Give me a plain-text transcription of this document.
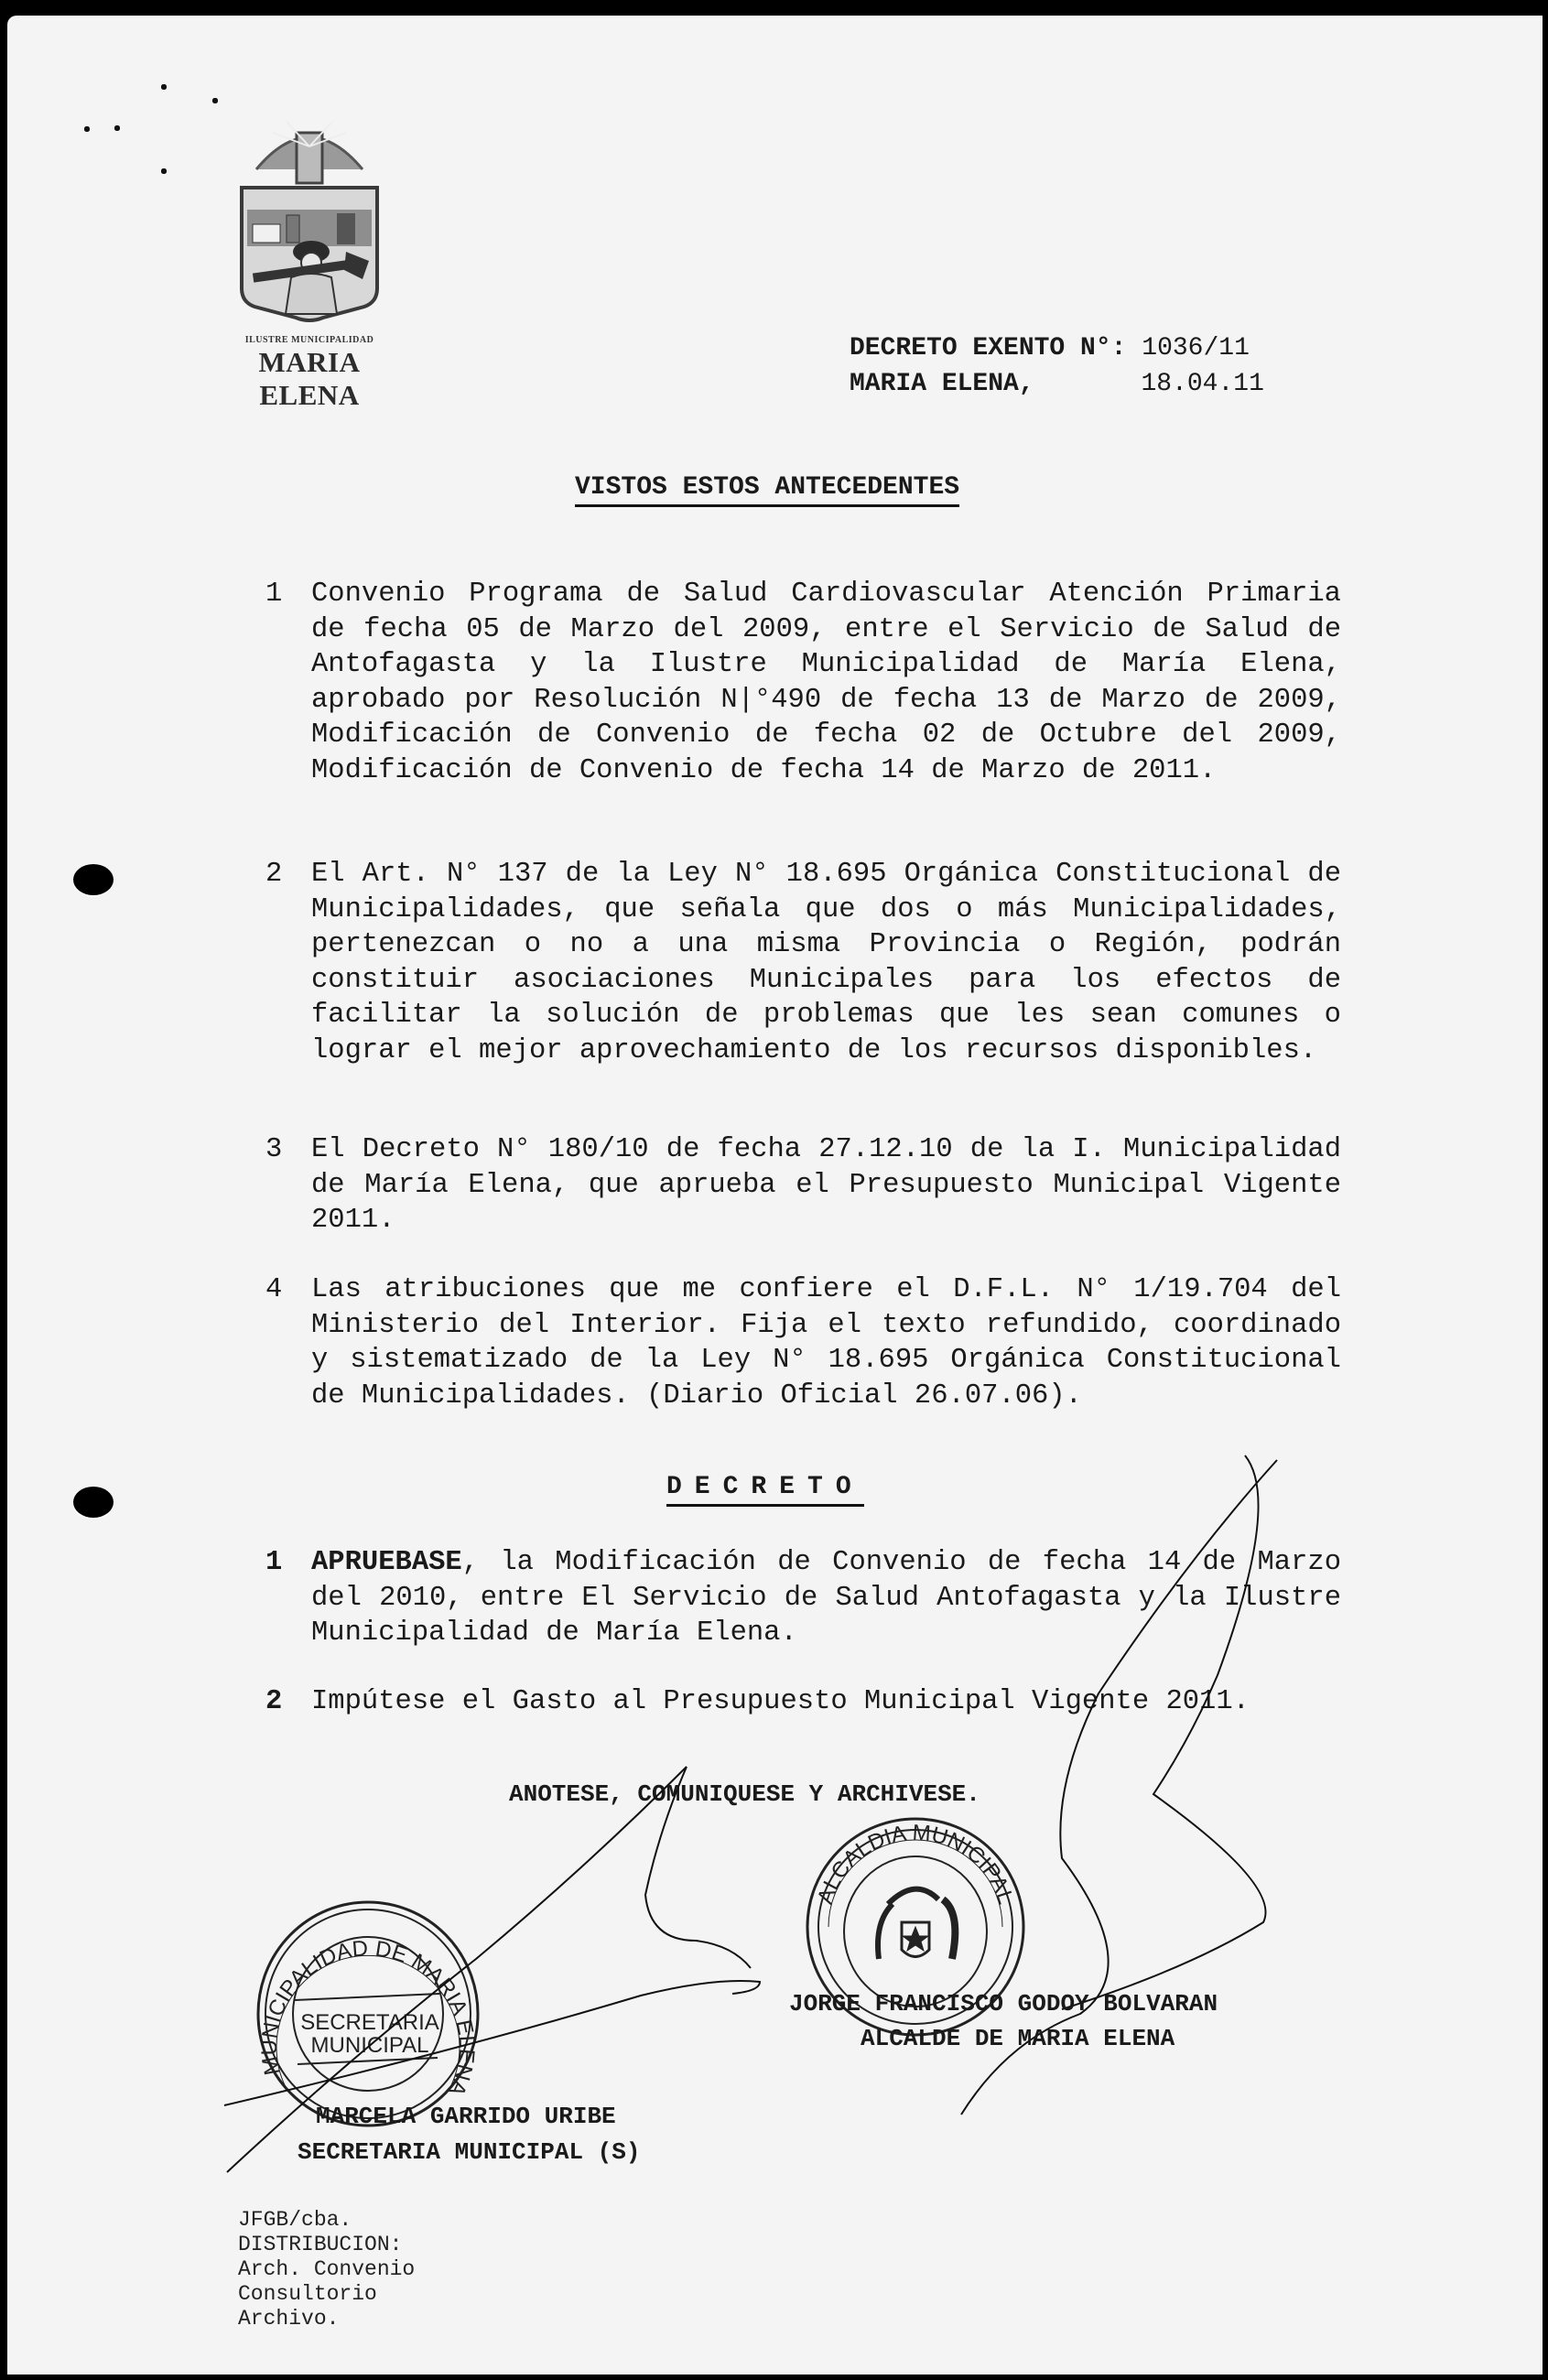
ILUSTRE MUNICIPALIDAD
MARIA ELENA
DECRETO EXENTO N°: 1036/11
MARIA ELENA,	18.04.11
VISTOS ESTOS ANTECEDENTES
1	Convenio Programa de Salud Cardiovascular Atención Primaria de fecha 05 de Marzo del 2009, entre el Servicio de Salud de Antofagasta y la Ilustre Municipalidad de María Elena, aprobado por Resolución N|°490 de fecha 13 de Marzo de 2009, Modificación de Convenio de fecha 02 de Octubre del 2009, Modificación de Convenio de fecha 14 de Marzo de 2011.
2	El Art. N° 137 de la Ley N° 18.695 Orgánica Constitucional de Municipalidades, que señala que dos o más Municipalidades, pertenezcan o no a una misma Provincia o Región, podrán constituir asociaciones Municipales para los efectos de facilitar la solución de problemas que les sean comunes o lograr el mejor aprovechamiento de los recursos disponibles.
3	El Decreto N° 180/10 de fecha 27.12.10 de la I. Municipalidad de María Elena, que aprueba el Presupuesto Municipal Vigente 2011.
4	Las atribuciones que me confiere el D.F.L. N° 1/19.704 del Ministerio del Interior. Fija el texto refundido, coordinado y sistematizado de la Ley N° 18.695 Orgánica Constitucional de Municipalidades. (Diario Oficial 26.07.06).
DECRETO
1	APRUEBASE, la Modificación de Convenio de fecha 14 de Marzo del 2010, entre El Servicio de Salud Antofagasta y la Ilustre Municipalidad de María Elena.
2	Impútese el Gasto al Presupuesto Municipal Vigente 2011.
ANOTESE, COMUNIQUESE Y ARCHIVESE.
ALCALDIA MUNICIPAL
MUNICIPALIDAD DE MARIA ELENA
SECRETARIA
MUNICIPAL
JORGE FRANCISCO GODOY BOLVARAN
ALCALDE DE MARIA ELENA
MARCELA GARRIDO URIBE
SECRETARIA MUNICIPAL (S)
JFGB/cba.
DISTRIBUCION:
Arch. Convenio
Consultorio
Archivo.
